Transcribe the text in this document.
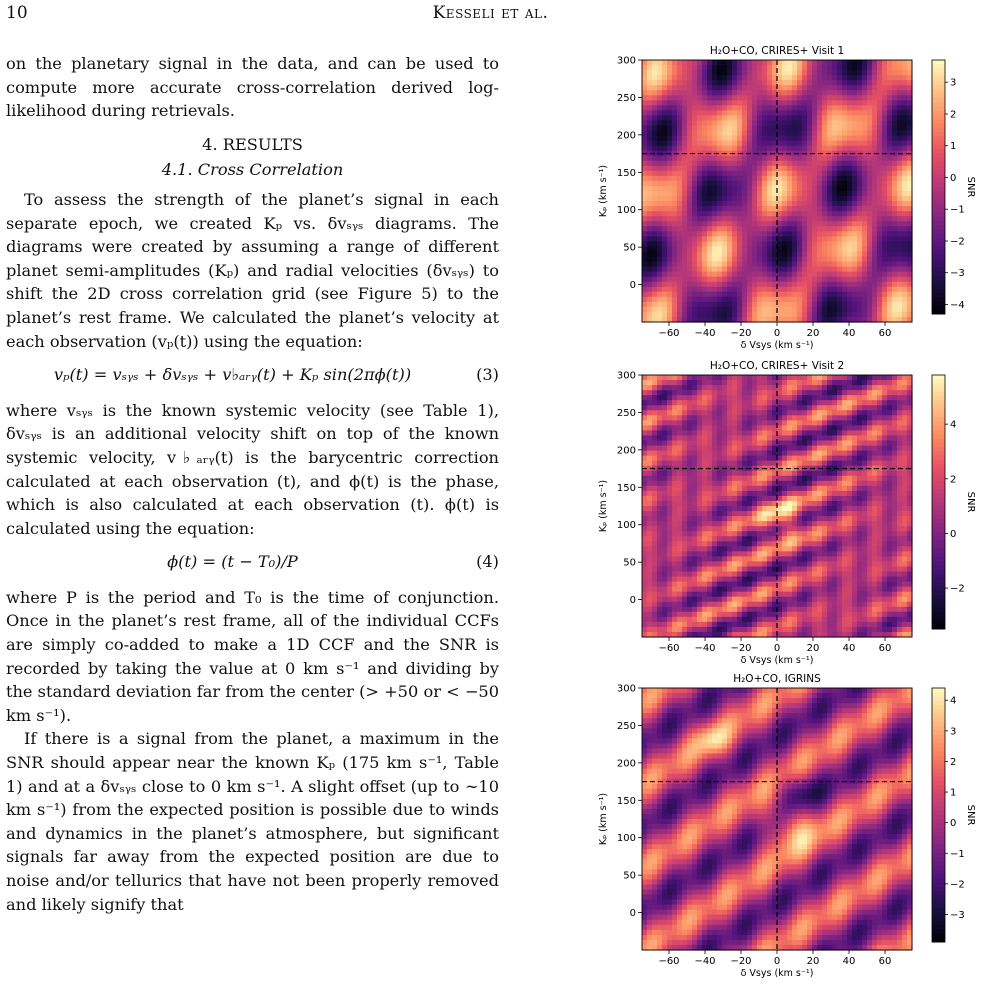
10	Kesseli et al.

on the planetary signal in the data, and can be used to compute more accurate cross-correlation derived log-likelihood during retrievals.

4. RESULTS
4.1. Cross Correlation

To assess the strength of the planet’s signal in each separate epoch, we created Kₚ vs. δvₛᵧₛ diagrams. The diagrams were created by assuming a range of different planet semi-amplitudes (Kₚ) and radial velocities (δvₛᵧₛ) to shift the 2D cross correlation grid (see Figure 5) to the planet’s rest frame. We calculated the planet’s velocity at each observation (vₚ(t)) using the equation:

vₚ(t) = vₛᵧₛ + δvₛᵧₛ + v♭ₐᵣᵧ(t) + Kₚ sin(2πϕ(t))	(3)

where vₛᵧₛ is the known systemic velocity (see Table 1), δvₛᵧₛ is an additional velocity shift on top of the known systemic velocity, v♭ₐᵣᵧ(t) is the barycentric correction calculated at each observation (t), and ϕ(t) is the phase, which is also calculated at each observation (t). ϕ(t) is calculated using the equation:

ϕ(t) = (t − T₀)/P	(4)

where P is the period and T₀ is the time of conjunction. Once in the planet’s rest frame, all of the individual CCFs are simply co-added to make a 1D CCF and the SNR is recorded by taking the value at 0 km s⁻¹ and dividing by the standard deviation far from the center (> +50 or < −50 km s⁻¹).

If there is a signal from the planet, a maximum in the SNR should appear near the known Kₚ (175 km s⁻¹, Table 1) and at a δvₛᵧₛ close to 0 km s⁻¹. A slight offset (up to ∼10 km s⁻¹) from the expected position is possible due to winds and dynamics in the planet’s atmosphere, but significant signals far away from the expected position are due to noise and/or tellurics that have not been properly removed and likely signify that

H₂O+CO, CRIRES+ Visit 1
−60 −40 −20 0	20 40 60
δ Vsys (km s⁻¹)
300
250
200
150
100
50
0
Kₚ (km s⁻¹)
3
2
1
0
−1
−2
−3
−4
SNR
H₂O+CO, CRIRES+ Visit 2
−60 −40 −20 0	20 40 60
δ Vsys (km s⁻¹)
300
250
200
150
100
50
0
Kₚ (km s⁻¹)
4
2
0
−2
SNR
H₂O+CO, IGRINS
−60 −40 −20 0	20 40 60
δ Vsys (km s⁻¹)
300
250
200
150
100
50
0
Kₚ (km s⁻¹)
4
3
2
1
0
−1
−2
−3
SNR
